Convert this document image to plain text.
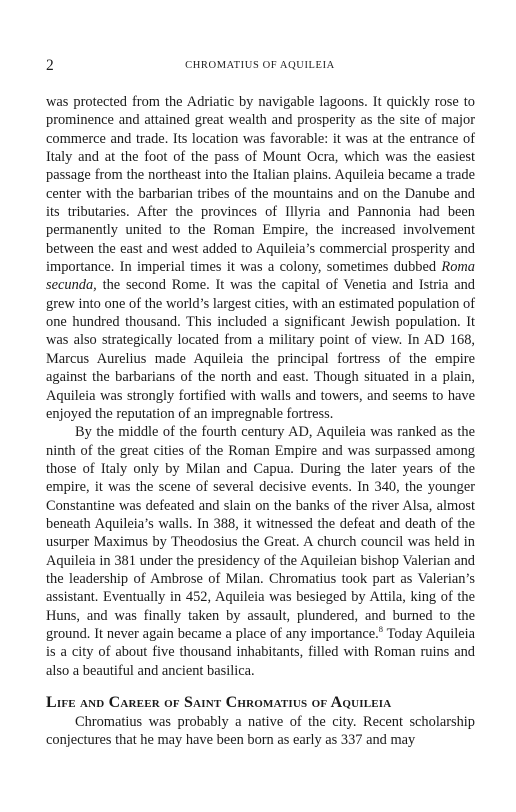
2	CHROMATIUS OF AQUILEIA

was protected from the Adriatic by navigable lagoons. It quickly rose to prominence and attained great wealth and prosperity as the site of major commerce and trade. Its location was favorable: it was at the entrance of Italy and at the foot of the pass of Mount Ocra, which was the easiest passage from the northeast into the Italian plains. Aquileia became a trade center with the barbarian tribes of the mountains and on the Danube and its tributaries. After the provinces of Illyria and Pannonia had been permanently united to the Roman Empire, the increased involvement between the east and west added to Aquileia’s commercial prosperity and importance. In imperial times it was a colony, sometimes dubbed Roma secunda, the second Rome. It was the capital of Venetia and Istria and grew into one of the world’s largest cities, with an estimated population of one hundred thousand. This included a significant Jewish population. It was also strategically located from a military point of view. In AD 168, Marcus Aurelius made Aquileia the principal fortress of the empire against the barbarians of the north and east. Though situated in a plain, Aquileia was strongly fortified with walls and towers, and seems to have enjoyed the reputation of an impregnable fortress.

By the middle of the fourth century AD, Aquileia was ranked as the ninth of the great cities of the Roman Empire and was surpassed among those of Italy only by Milan and Capua. During the later years of the empire, it was the scene of several decisive events. In 340, the younger Constantine was defeated and slain on the banks of the river Alsa, almost beneath Aquileia’s walls. In 388, it witnessed the defeat and death of the usurper Maximus by Theodosius the Great. A church council was held in Aquileia in 381 under the presidency of the Aquileian bishop Valerian and the leadership of Ambrose of Milan. Chromatius took part as Valerian’s assistant. Eventually in 452, Aquileia was besieged by Attila, king of the Huns, and was finally taken by assault, plundered, and burned to the ground. It never again became a place of any importance.$^8$ Today Aquileia is a city of about five thousand inhabitants, filled with Roman ruins and also a beautiful and ancient basilica.

Life and Career of Saint Chromatius of Aquileia

Chromatius was probably a native of the city. Recent scholarship conjectures that he may have been born as early as 337 and may
